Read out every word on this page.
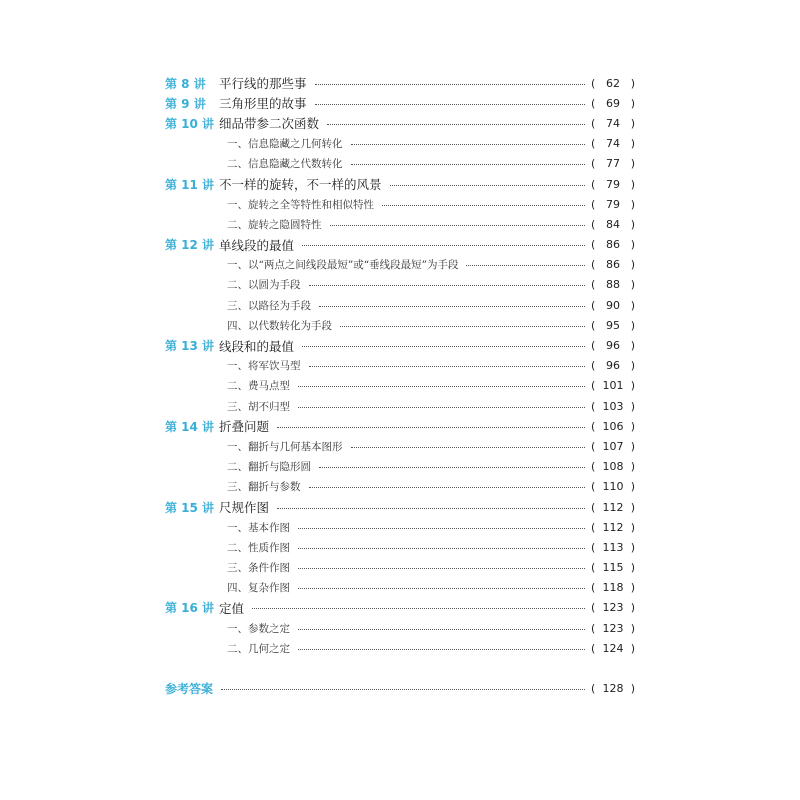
第 8 讲	平行线的那些事	( 62 )
第 9 讲	三角形里的故事	( 69 )
第 10 讲 细品带参二次函数	( 74 )
一、信息隐藏之几何转化	( 74 )
二、信息隐藏之代数转化	( 77 )
第 11 讲 不一样的旋转，不一样的风景	( 79 )
一、旋转之全等特性和相似特性	( 79 )
二、旋转之隐圆特性	( 84 )
第 12 讲 单线段的最值	( 86 )
一、以“两点之间线段最短”或“垂线段最短”为手段	( 86 )
二、以圆为手段	( 88 )
三、以路径为手段	( 90 )
四、以代数转化为手段	( 95 )
第 13 讲 线段和的最值	( 96 )
一、将军饮马型	( 96 )
二、费马点型	( 101 )
三、胡不归型	( 103 )
第 14 讲 折叠问题	( 106 )
一、翻折与几何基本图形	( 107 )
二、翻折与隐形圆	( 108 )
三、翻折与参数	( 110 )
第 15 讲 尺规作图	( 112 )
一、基本作图	( 112 )
二、性质作图	( 113 )
三、条件作图	( 115 )
四、复杂作图	( 118 )
第 16 讲 定值	( 123 )
一、参数之定	( 123 )
二、几何之定	( 124 )
参考答案	( 128 )
